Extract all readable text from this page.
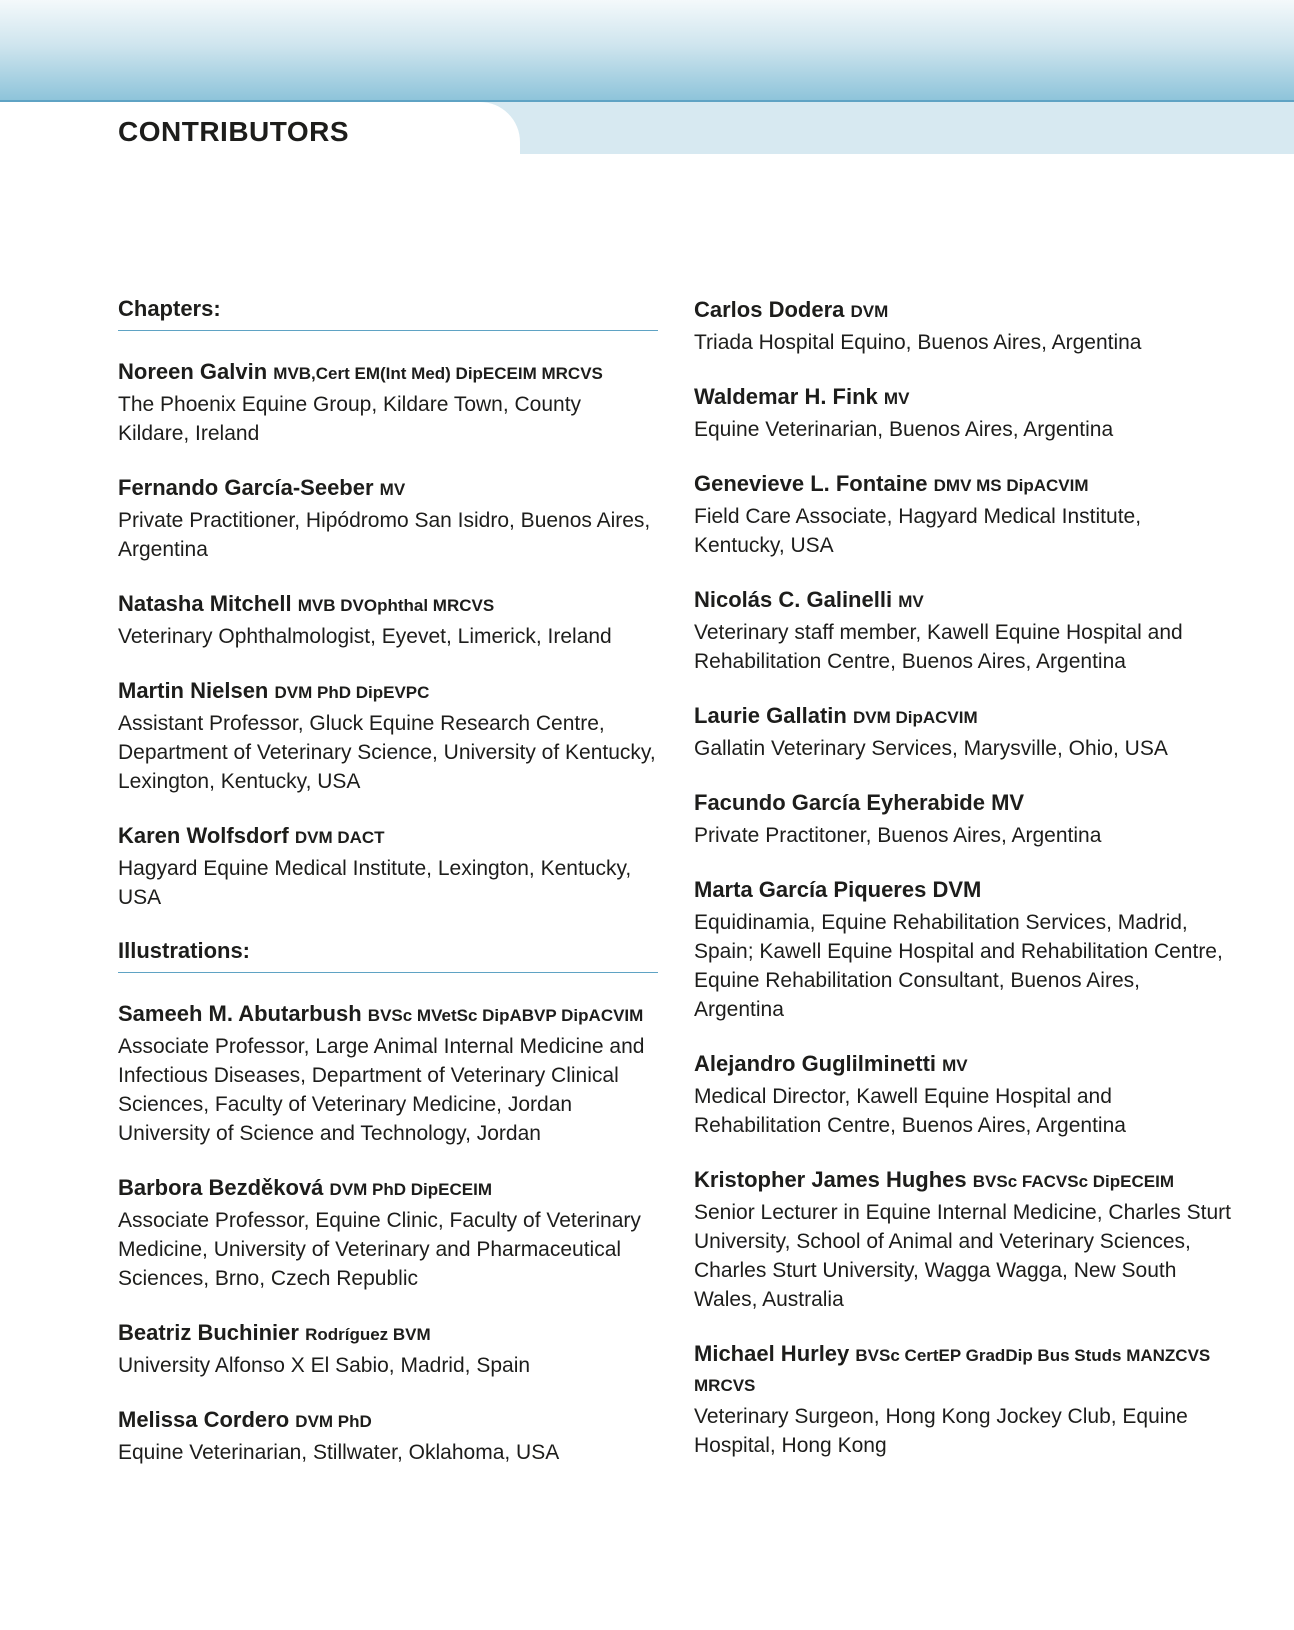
CONTRIBUTORS
Chapters:
Noreen Galvin MVB,Cert EM(Int Med) DipECEIM MRCVS
The Phoenix Equine Group, Kildare Town, County Kildare, Ireland
Fernando García-Seeber MV
Private Practitioner, Hipódromo San Isidro, Buenos Aires, Argentina
Natasha Mitchell MVB DVOphthal MRCVS
Veterinary Ophthalmologist, Eyevet, Limerick, Ireland
Martin Nielsen DVM PhD DipEVPC
Assistant Professor, Gluck Equine Research Centre, Department of Veterinary Science, University of Kentucky, Lexington, Kentucky, USA
Karen Wolfsdorf DVM DACT
Hagyard Equine Medical Institute, Lexington, Kentucky, USA
Illustrations:
Sameeh M. Abutarbush BVSc MVetSc DipABVP DipACVIM
Associate Professor, Large Animal Internal Medicine and Infectious Diseases, Department of Veterinary Clinical Sciences, Faculty of Veterinary Medicine, Jordan University of Science and Technology, Jordan
Barbora Bezděková DVM PhD DipECEIM
Associate Professor, Equine Clinic, Faculty of Veterinary Medicine, University of Veterinary and Pharmaceutical Sciences, Brno, Czech Republic
Beatriz Buchinier Rodríguez BVM
University Alfonso X El Sabio, Madrid, Spain
Melissa Cordero DVM PhD
Equine Veterinarian, Stillwater, Oklahoma, USA
Carlos Dodera DVM
Triada Hospital Equino, Buenos Aires, Argentina
Waldemar H. Fink MV
Equine Veterinarian, Buenos Aires, Argentina
Genevieve L. Fontaine DMV MS DipACVIM
Field Care Associate, Hagyard Medical Institute, Kentucky, USA
Nicolás C. Galinelli MV
Veterinary staff member, Kawell Equine Hospital and Rehabilitation Centre, Buenos Aires, Argentina
Laurie Gallatin DVM DipACVIM
Gallatin Veterinary Services, Marysville, Ohio, USA
Facundo García Eyherabide MV
Private Practitoner, Buenos Aires, Argentina
Marta García Piqueres DVM
Equidinamia, Equine Rehabilitation Services, Madrid, Spain; Kawell Equine Hospital and Rehabilitation Centre, Equine Rehabilitation Consultant, Buenos Aires, Argentina
Alejandro Guglilminetti MV
Medical Director, Kawell Equine Hospital and Rehabilitation Centre, Buenos Aires, Argentina
Kristopher James Hughes BVSc FACVSc DipECEIM
Senior Lecturer in Equine Internal Medicine, Charles Sturt University, School of Animal and Veterinary Sciences, Charles Sturt University, Wagga Wagga, New South Wales, Australia
Michael Hurley BVSc CertEP GradDip Bus Studs MANZCVS MRCVS
Veterinary Surgeon, Hong Kong Jockey Club, Equine Hospital, Hong Kong
